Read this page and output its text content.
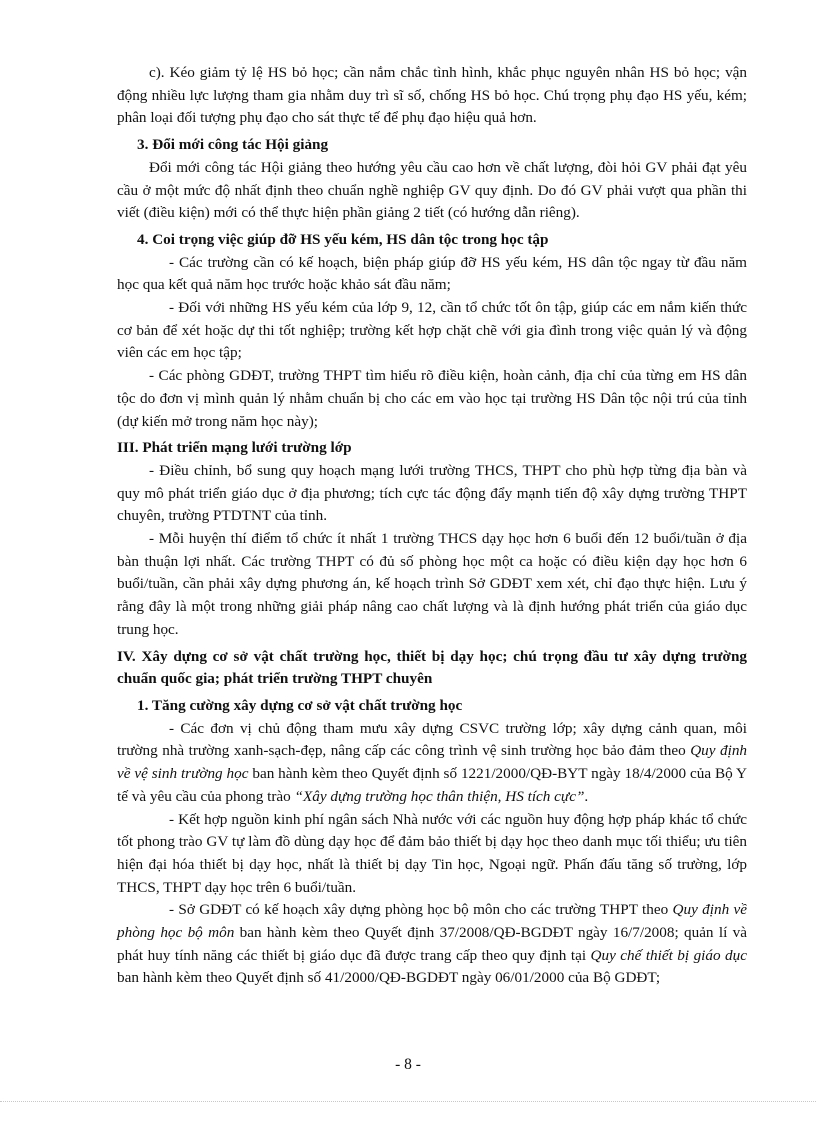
c). Kéo giảm tỷ lệ HS bỏ học; cần nắm chắc tình hình, khắc phục nguyên nhân HS bỏ học; vận động nhiều lực lượng tham gia nhằm duy trì sĩ số, chống HS bỏ học. Chú trọng phụ đạo HS yếu, kém; phân loại đối tượng phụ đạo cho sát thực tế để phụ đạo hiệu quả hơn.

3. Đổi mới công tác Hội giảng

Đổi mới công tác Hội giảng theo hướng yêu cầu cao hơn về chất lượng, đòi hỏi GV phải đạt yêu cầu ở một mức độ nhất định theo chuẩn nghề nghiệp GV quy định. Do đó GV phải vượt qua phần thi viết (điều kiện) mới có thể thực hiện phần giảng 2 tiết (có hướng dẫn riêng).

4. Coi trọng việc giúp đỡ HS yếu kém, HS dân tộc trong học tập

- Các trường cần có kế hoạch, biện pháp giúp đỡ HS yếu kém, HS dân tộc ngay từ đầu năm học qua kết quả năm học trước hoặc khảo sát đầu năm;

- Đối với những HS yếu kém của lớp 9, 12, cần tổ chức tốt ôn tập, giúp các em nắm kiến thức cơ bản để xét hoặc dự thi tốt nghiệp; trường kết hợp chặt chẽ với gia đình trong việc quản lý và động viên các em học tập;

- Các phòng GDĐT, trường THPT tìm hiểu rõ điều kiện, hoàn cảnh, địa chỉ của từng em HS dân tộc do đơn vị mình quản lý nhằm chuẩn bị cho các em vào học tại trường HS Dân tộc nội trú của tỉnh (dự kiến mở trong năm học này);

III. Phát triển mạng lưới trường lớp

- Điều chỉnh, bổ sung quy hoạch mạng lưới trường THCS, THPT cho phù hợp từng địa bàn và quy mô phát triển giáo dục ở địa phương; tích cực tác động đẩy mạnh tiến độ xây dựng trường THPT chuyên, trường PTDTNT của tỉnh.

- Mỗi huyện thí điểm tổ chức ít nhất 1 trường THCS dạy học hơn 6 buổi đến 12 buổi/tuần ở địa bàn thuận lợi nhất. Các trường THPT có đủ số phòng học một ca hoặc có điều kiện dạy học hơn 6 buổi/tuần, cần phải xây dựng phương án, kế hoạch trình Sở GDĐT xem xét, chỉ đạo thực hiện. Lưu ý rằng đây là một trong những giải pháp nâng cao chất lượng và là định hướng phát triển của giáo dục trung học.

IV. Xây dựng cơ sở vật chất trường học, thiết bị dạy học; chú trọng đầu tư xây dựng trường chuẩn quốc gia; phát triển trường THPT chuyên

1. Tăng cường xây dựng cơ sở vật chất trường học

- Các đơn vị chủ động tham mưu xây dựng CSVC trường lớp; xây dựng cảnh quan, môi trường nhà trường xanh-sạch-đẹp, nâng cấp các công trình vệ sinh trường học bảo đảm theo Quy định về vệ sinh trường học ban hành kèm theo Quyết định số 1221/2000/QĐ-BYT ngày 18/4/2000 của Bộ Y tế và yêu cầu của phong trào “Xây dựng trường học thân thiện, HS tích cực”.

- Kết hợp nguồn kinh phí ngân sách Nhà nước với các nguồn huy động hợp pháp khác tổ chức tốt phong trào GV tự làm đồ dùng dạy học để đảm bảo thiết bị dạy học theo danh mục tối thiểu; ưu tiên hiện đại hóa thiết bị dạy học, nhất là thiết bị dạy Tin học, Ngoại ngữ. Phấn đấu tăng số trường, lớp THCS, THPT dạy học trên 6 buổi/tuần.

- Sở GDĐT có kế hoạch xây dựng phòng học bộ môn cho các trường THPT theo Quy định về phòng học bộ môn ban hành kèm theo Quyết định 37/2008/QĐ-BGDĐT ngày 16/7/2008; quản lí và phát huy tính năng các thiết bị giáo dục đã được trang cấp theo quy định tại Quy chế thiết bị giáo dục ban hành kèm theo Quyết định số 41/2000/QĐ-BGDĐT ngày 06/01/2000 của Bộ GDĐT;

- 8 -
